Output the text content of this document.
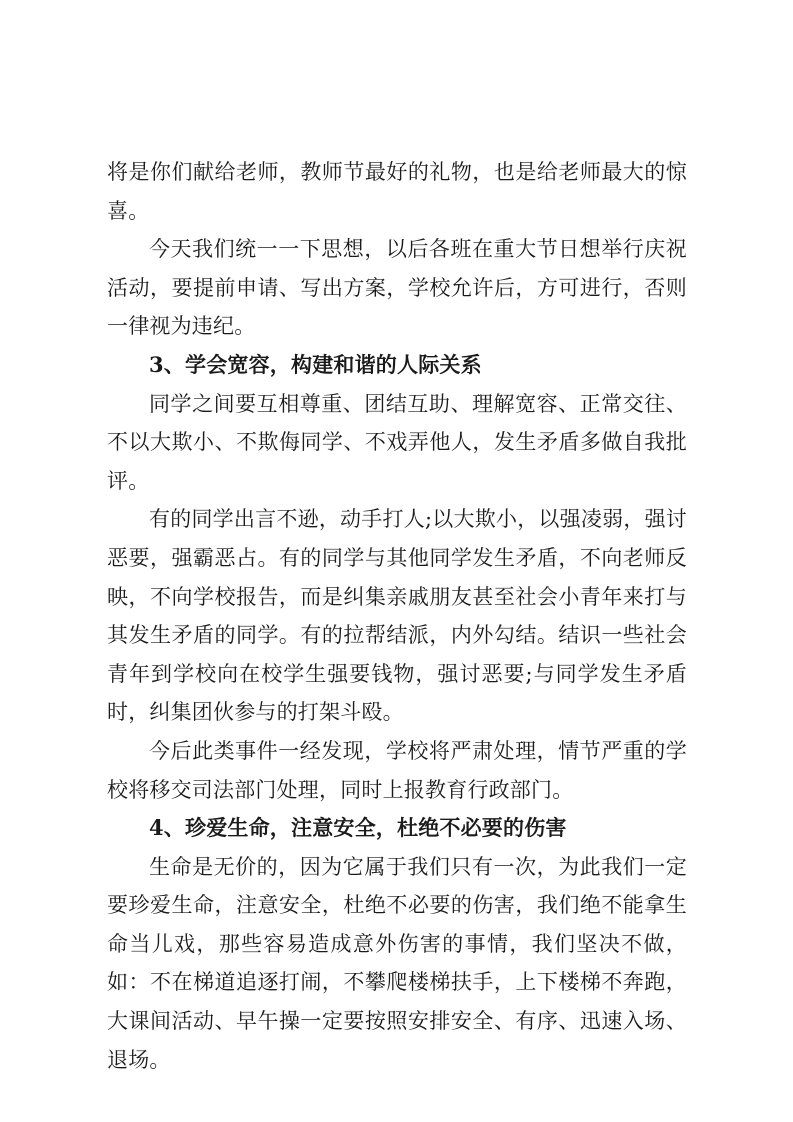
将是你们献给老师，教师节最好的礼物，也是给老师最大的惊喜。

今天我们统一一下思想，以后各班在重大节日想举行庆祝活动，要提前申请、写出方案，学校允许后，方可进行，否则一律视为违纪。

3、学会宽容，构建和谐的人际关系

同学之间要互相尊重、团结互助、理解宽容、正常交往、不以大欺小、不欺侮同学、不戏弄他人，发生矛盾多做自我批评。

有的同学出言不逊，动手打人;以大欺小，以强凌弱，强讨恶要，强霸恶占。有的同学与其他同学发生矛盾，不向老师反映，不向学校报告，而是纠集亲戚朋友甚至社会小青年来打与其发生矛盾的同学。有的拉帮结派，内外勾结。结识一些社会青年到学校向在校学生强要钱物，强讨恶要;与同学发生矛盾时，纠集团伙参与的打架斗殴。

今后此类事件一经发现，学校将严肃处理，情节严重的学校将移交司法部门处理，同时上报教育行政部门。

4、珍爱生命，注意安全，杜绝不必要的伤害

生命是无价的，因为它属于我们只有一次，为此我们一定要珍爱生命，注意安全，杜绝不必要的伤害，我们绝不能拿生命当儿戏，那些容易造成意外伤害的事情，我们坚决不做，如：不在梯道追逐打闹，不攀爬楼梯扶手，上下楼梯不奔跑，大课间活动、早午操一定要按照安排安全、有序、迅速入场、退场。
